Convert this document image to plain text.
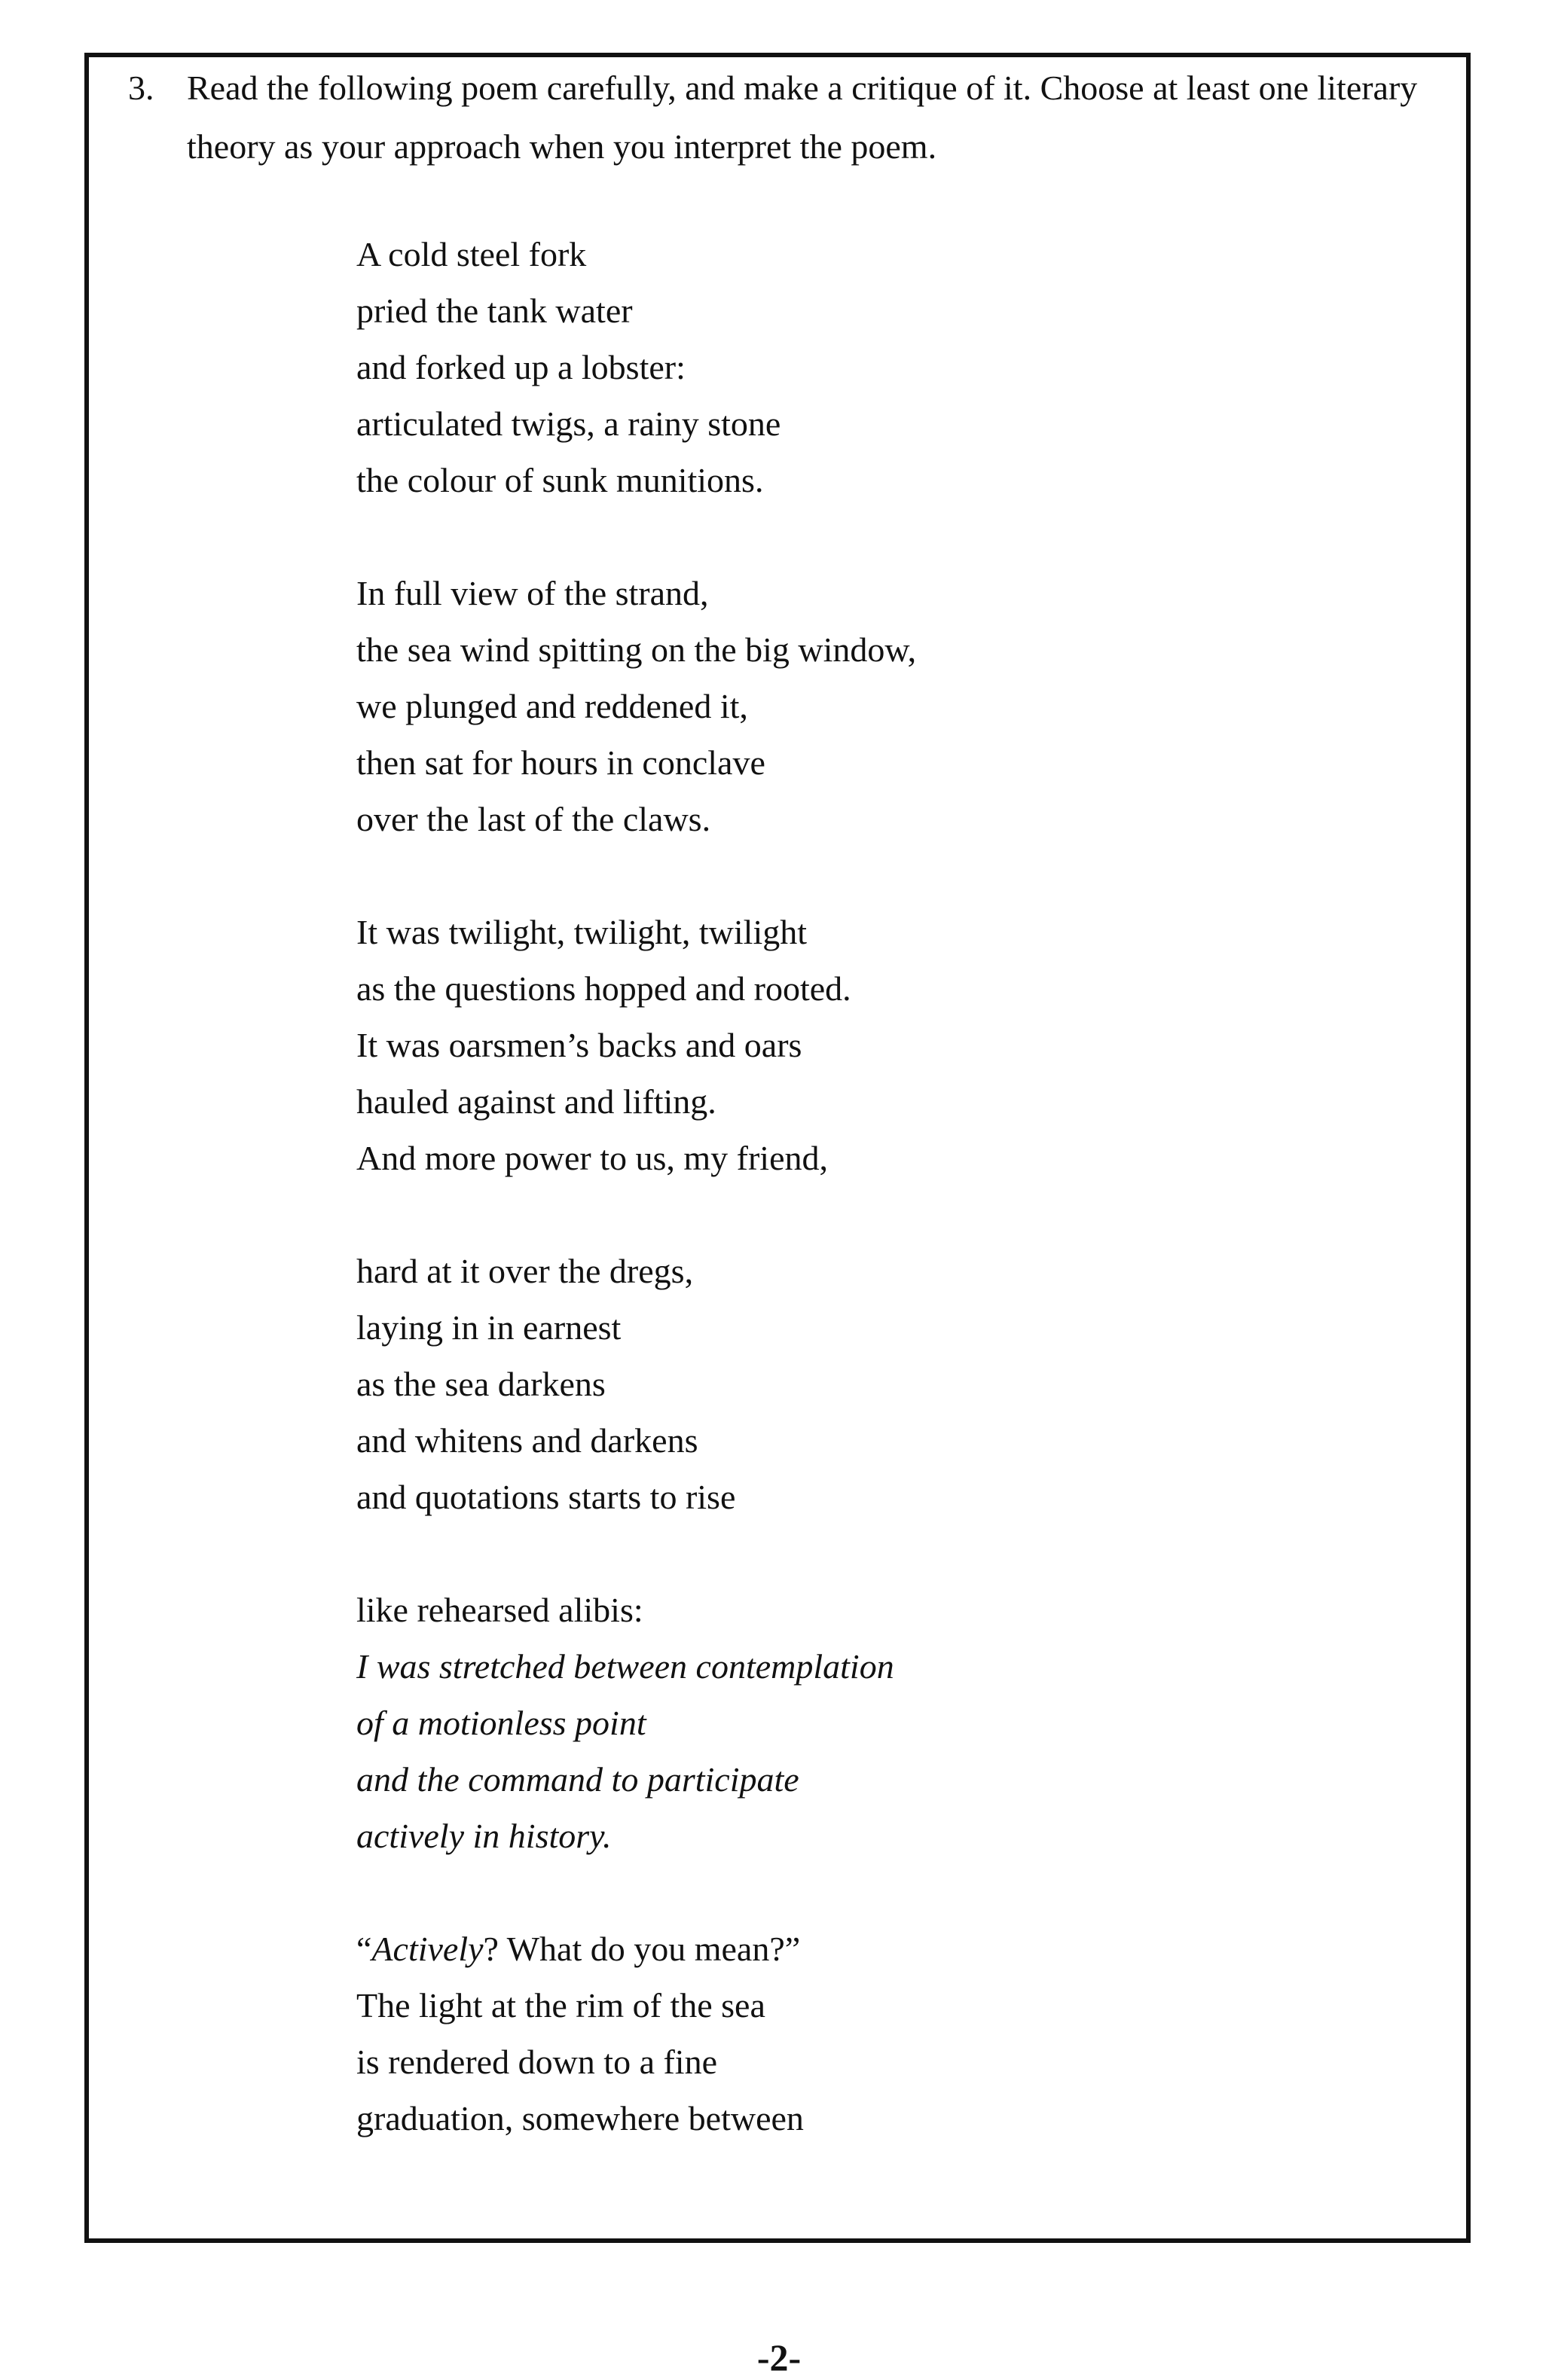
3. Read the following poem carefully, and make a critique of it. Choose at least one literary theory as your approach when you interpret the poem.
A cold steel fork
pried the tank water
and forked up a lobster:
articulated twigs, a rainy stone
the colour of sunk munitions.
In full view of the strand,
the sea wind spitting on the big window,
we plunged and reddened it,
then sat for hours in conclave
over the last of the claws.
It was twilight, twilight, twilight
as the questions hopped and rooted.
It was oarsmen’s backs and oars
hauled against and lifting.
And more power to us, my friend,
hard at it over the dregs,
laying in in earnest
as the sea darkens
and whitens and darkens
and quotations starts to rise
like rehearsed alibis:
I was stretched between contemplation
of a motionless point
and the command to participate
actively in history.
“Actively? What do you mean?”
The light at the rim of the sea
is rendered down to a fine
graduation, somewhere between
-2-
